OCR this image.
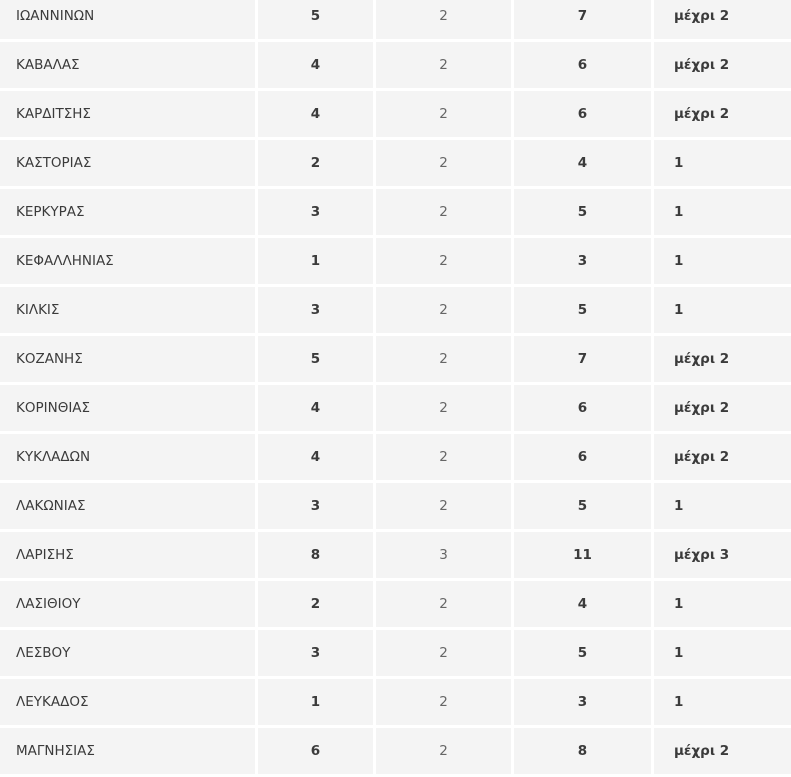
ΙΩΑΝΝΙΝΩΝ	5	2	7	μέχρι 2
ΚΑΒΑΛΑΣ	4	2	6	μέχρι 2
ΚΑΡΔΙΤΣΗΣ	4	2	6	μέχρι 2
ΚΑΣΤΟΡΙΑΣ	2	2	4	1
ΚΕΡΚΥΡΑΣ	3	2	5	1
ΚΕΦΑΛΛΗΝΙΑΣ	1	2	3	1
ΚΙΛΚΙΣ	3	2	5	1
ΚΟΖΑΝΗΣ	5	2	7	μέχρι 2
ΚΟΡΙΝΘΙΑΣ	4	2	6	μέχρι 2
ΚΥΚΛΑΔΩΝ	4	2	6	μέχρι 2
ΛΑΚΩΝΙΑΣ	3	2	5	1
ΛΑΡΙΣΗΣ	8	3	11	μέχρι 3
ΛΑΣΙΘΙΟΥ	2	2	4	1
ΛΕΣΒΟΥ	3	2	5	1
ΛΕΥΚΑΔΟΣ	1	2	3	1
ΜΑΓΝΗΣΙΑΣ	6	2	8	μέχρι 2
